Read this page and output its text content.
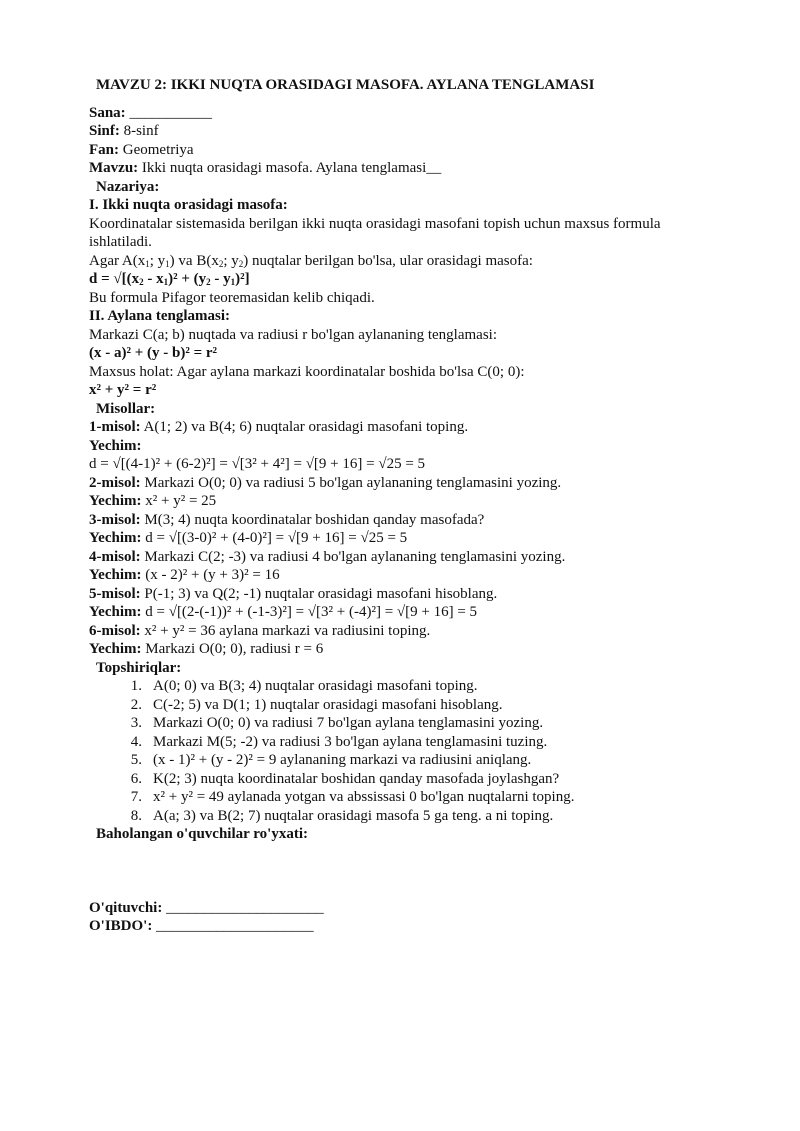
MAVZU 2: IKKI NUQTA ORASIDAGI MASOFA. AYLANA TENGLAMASI
Sana: ___________
Sinf: 8-sinf
Fan: Geometriya
Mavzu: Ikki nuqta orasidagi masofa. Aylana tenglamasi__
Nazariya:
I. Ikki nuqta orasidagi masofa:
Koordinatalar sistemasida berilgan ikki nuqta orasidagi masofani topish uchun maxsus formula ishlatiladi.
Agar $A(x_1$; $y_1$) va $B(x_2$; $y_2$) nuqtalar berilgan bo'lsa, ular orasidagi masofa:
$d = √[(x_2 - x_1)^2 + (y_2 - y_1)^2]$
Bu formula Pifagor teoremasidan kelib chiqadi.
II. Aylana tenglamasi:
Markazi C(a; b) nuqtada va radiusi r bo'lgan aylananing tenglamasi:
(x - a)² + (y - b)² = r²
Maxsus holat: Agar aylana markazi koordinatalar boshida bo'lsa C(0; 0):
x² + y² = r²
Misollar:
1-misol: A(1; 2) va B(4; 6) nuqtalar orasidagi masofani toping.
Yechim:
d = √[(4-1)² + (6-2)²] = √[3² + 4²] = √[9 + 16] = √25 = 5
2-misol: Markazi O(0; 0) va radiusi 5 bo'lgan aylananing tenglamasini yozing.
Yechim: x² + y² = 25
3-misol: M(3; 4) nuqta koordinatalar boshidan qanday masofada?
Yechim: d = √[(3-0)² + (4-0)²] = √[9 + 16] = √25 = 5
4-misol: Markazi C(2; -3) va radiusi 4 bo'lgan aylananing tenglamasini yozing.
Yechim: (x - 2)² + (y + 3)² = 16
5-misol: P(-1; 3) va Q(2; -1) nuqtalar orasidagi masofani hisoblang.
Yechim: d = √[(2-(-1))² + (-1-3)²] = √[3² + (-4)²] = √[9 + 16] = 5
6-misol: x² + y² = 36 aylana markazi va radiusini toping.
Yechim: Markazi O(0; 0), radiusi r = 6
Topshiriqlar:
1. A(0; 0) va B(3; 4) nuqtalar orasidagi masofani toping.
2. C(-2; 5) va D(1; 1) nuqtalar orasidagi masofani hisoblang.
3. Markazi O(0; 0) va radiusi 7 bo'lgan aylana tenglamasini yozing.
4. Markazi M(5; -2) va radiusi 3 bo'lgan aylana tenglamasini tuzing.
5. (x - 1)² + (y - 2)² = 9 aylananing markazi va radiusini aniqlang.
6. K(2; 3) nuqta koordinatalar boshidan qanday masofada joylashgan?
7. x² + y² = 49 aylanada yotgan va abssissasi 0 bo'lgan nuqtalarni toping.
8. A(a; 3) va B(2; 7) nuqtalar orasidagi masofa 5 ga teng. a ni toping.
Baholangan o'quvchilar ro'yxati:
O'qituvchi: _____________________
O'IBDO': _____________________
